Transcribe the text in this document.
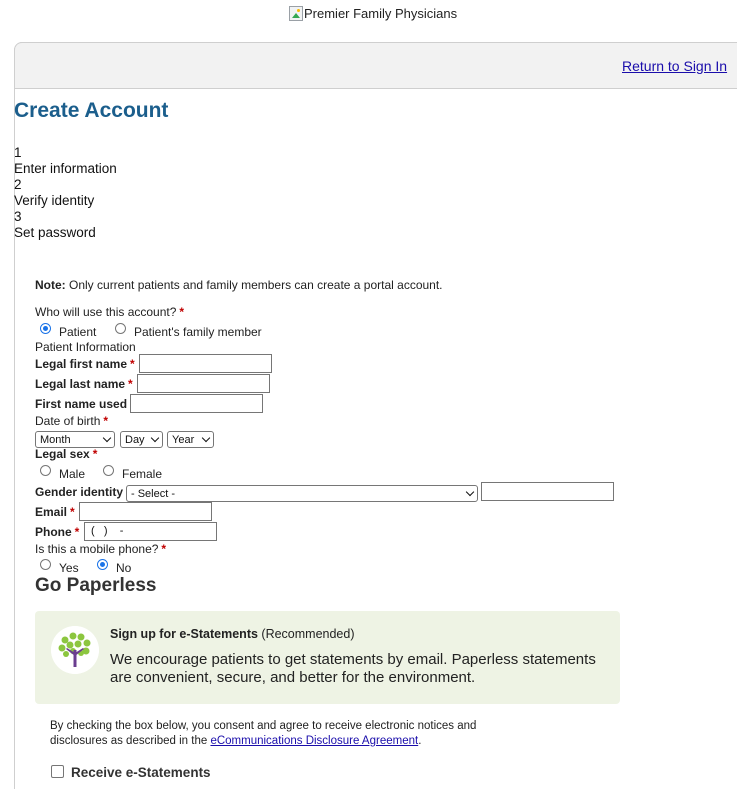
Premier Family Physicians
Return to Sign In
Create Account
1
Enter information
2
Verify identity
3
Set password
Note: Only current patients and family members can create a portal account.
Who will use this account? *
Patient	Patient's family member
Patient Information
Legal first name *
Legal last name *
First name used
Date of birth *
Month	Day Year
Legal sex *
Male	Female
Gender identity - Select -
Email *
Phone *	(   )    -
Is this a mobile phone? *
Yes	No
Go Paperless
Sign up for e-Statements (Recommended)
We encourage patients to get statements by email. Paperless statements are convenient, secure, and better for the environment.
By checking the box below, you consent and agree to receive electronic notices and disclosures as described in the eCommunications Disclosure Agreement.
Receive e-Statements
